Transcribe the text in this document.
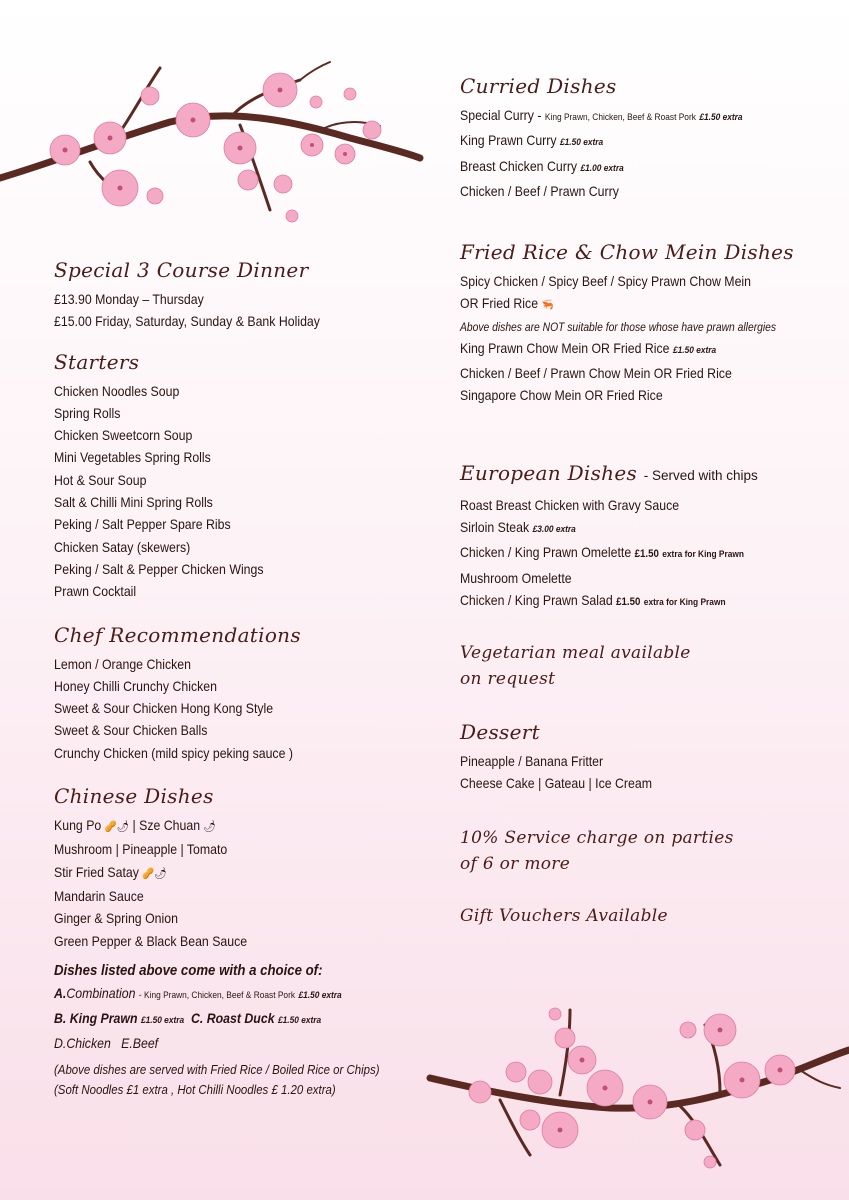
Special 3 Course Dinner
£13.90 Monday – Thursday
£15.00 Friday, Saturday, Sunday & Bank Holiday
Starters
Chicken Noodles Soup
Spring Rolls
Chicken Sweetcorn Soup
Mini Vegetables Spring Rolls
Hot & Sour Soup
Salt & Chilli Mini Spring Rolls
Peking / Salt Pepper Spare Ribs
Chicken Satay (skewers)
Peking / Salt & Pepper Chicken Wings
Prawn Cocktail
Chef Recommendations
Lemon / Orange Chicken
Honey Chilli Crunchy Chicken
Sweet & Sour Chicken Hong Kong Style
Sweet & Sour Chicken Balls
Crunchy Chicken (mild spicy peking sauce )
Chinese Dishes
Kung Po 🥜🌶 | Sze Chuan 🌶
Mushroom | Pineapple | Tomato
Stir Fried Satay 🥜🌶
Mandarin Sauce
Ginger & Spring Onion
Green Pepper & Black Bean Sauce
Dishes listed above come with a choice of:
A.Combination - King Prawn, Chicken, Beef & Roast Pork £1.50 extra
B. King Prawn £1.50 extra C. Roast Duck £1.50 extra
D.Chicken E.Beef
(Above dishes are served with Fried Rice / Boiled Rice or Chips)
(Soft Noodles £1 extra , Hot Chilli Noodles £ 1.20 extra)
Curried Dishes
Special Curry - King Prawn, Chicken, Beef & Roast Pork £1.50 extra
King Prawn Curry £1.50 extra
Breast Chicken Curry £1.00 extra
Chicken / Beef / Prawn Curry
Fried Rice & Chow Mein Dishes
Spicy Chicken / Spicy Beef / Spicy Prawn Chow Mein
OR Fried Rice 🦐
Above dishes are NOT suitable for those whose have prawn allergies
King Prawn Chow Mein OR Fried Rice £1.50 extra
Chicken / Beef / Prawn Chow Mein OR Fried Rice
Singapore Chow Mein OR Fried Rice
European Dishes - Served with chips
Roast Breast Chicken with Gravy Sauce
Sirloin Steak £3.00 extra
Chicken / King Prawn Omelette £1.50 extra for King Prawn
Mushroom Omelette
Chicken / King Prawn Salad £1.50 extra for King Prawn
Vegetarian meal available
on request
Dessert
Pineapple / Banana Fritter
Cheese Cake | Gateau | Ice Cream
10% Service charge on parties
of 6 or more
Gift Vouchers Available
